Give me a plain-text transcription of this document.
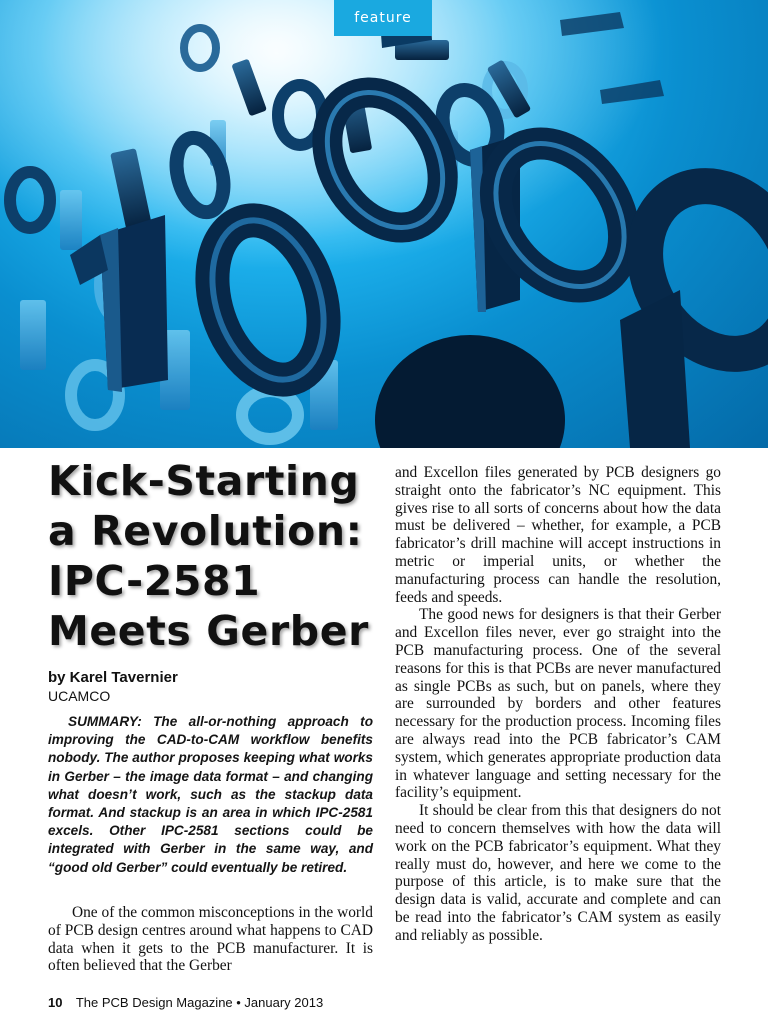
feature
Kick-Starting
a Revolution:
IPC-2581
Meets Gerber
by Karel Tavernier
UCAMCO

SUMMARY: The all-or-nothing approach to improving the CAD-to-CAM workflow benefits nobody. The author proposes keeping what works in Gerber – the image data format – and changing what doesn’t work, such as the stackup data format. And stackup is an area in which IPC-2581 excels. Other IPC-2581 sections could be integrated with Gerber in the same way, and “good old Gerber” could eventually be retired.

One of the common misconceptions in the world of PCB design centres around what happens to CAD data when it gets to the PCB manufacturer. It is often believed that the Gerber

and Excellon files generated by PCB designers go straight onto the fabricator’s NC equipment. This gives rise to all sorts of concerns about how the data must be delivered – whether, for example, a PCB fabricator’s drill machine will accept instructions in metric or imperial units, or whether the manufacturing process can handle the resolution, feeds and speeds.

The good news for designers is that their Gerber and Excellon files never, ever go straight into the PCB manufacturing process. One of the several reasons for this is that PCBs are never manufactured as single PCBs as such, but on panels, where they are surrounded by borders and other features necessary for the production process. Incoming files are always read into the PCB fabricator’s CAM system, which generates appropriate production data in whatever language and setting necessary for the facility’s equipment.

It should be clear from this that designers do not need to concern themselves with how the data will work on the PCB fabricator’s equipment. What they really must do, however, and here we come to the purpose of this article, is to make sure that the design data is valid, accurate and complete and can be read into the fabricator’s CAM system as easily and reliably as possible.

10 The PCB Design Magazine • January 2013
